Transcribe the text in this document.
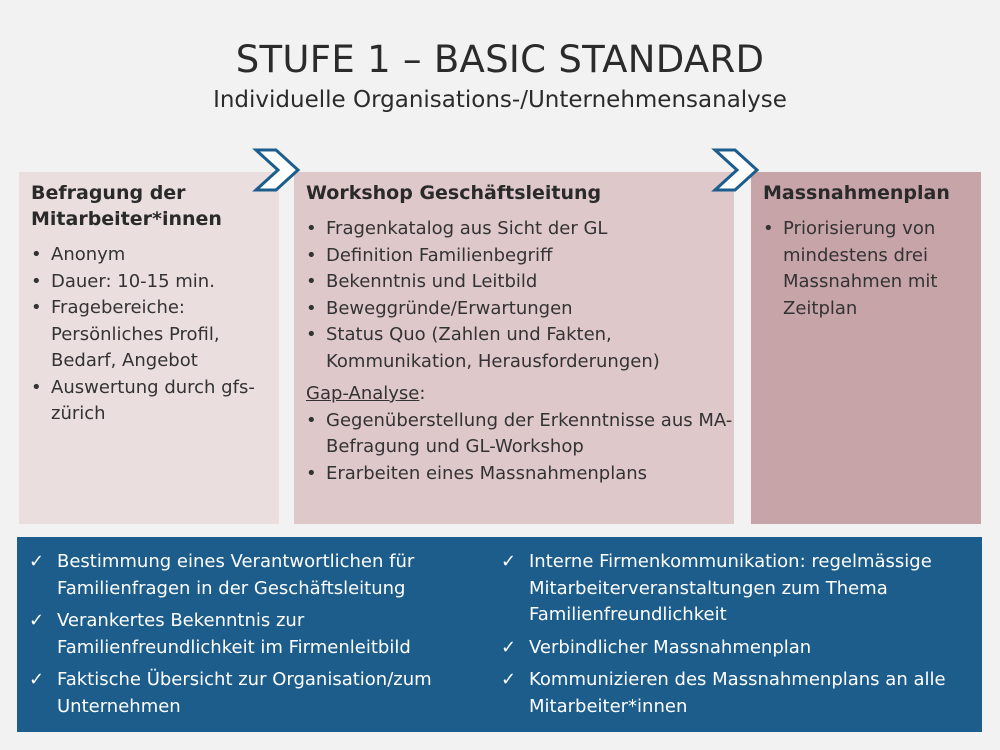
STUFE 1 – BASIC STANDARD
Individuelle Organisations-/Unternehmensanalyse
Befragung der Mitarbeiter*innen
• Anonym
• Dauer: 10-15 min.
• Fragebereiche: Persönliches Profil, Bedarf, Angebot
• Auswertung durch gfs-zürich
Workshop Geschäftsleitung
• Fragenkatalog aus Sicht der GL
• Definition Familienbegriff
• Bekenntnis und Leitbild
• Beweggründe/Erwartungen
• Status Quo (Zahlen und Fakten, Kommunikation, Herausforderungen)
Gap-Analyse:
• Gegenüberstellung der Erkenntnisse aus MA-Befragung und GL-Workshop
• Erarbeiten eines Massnahmenplans
Massnahmenplan
• Priorisierung von mindestens drei Massnahmen mit Zeitplan
✓ Bestimmung eines Verantwortlichen für Familienfragen in der Geschäftsleitung
✓ Verankertes Bekenntnis zur Familienfreundlichkeit im Firmenleitbild
✓ Faktische Übersicht zur Organisation/zum Unternehmen
✓ Interne Firmenkommunikation: regelmässige Mitarbeiterveranstaltungen zum Thema Familienfreundlichkeit
✓ Verbindlicher Massnahmenplan
✓ Kommunizieren des Massnahmenplans an alle Mitarbeiter*innen
